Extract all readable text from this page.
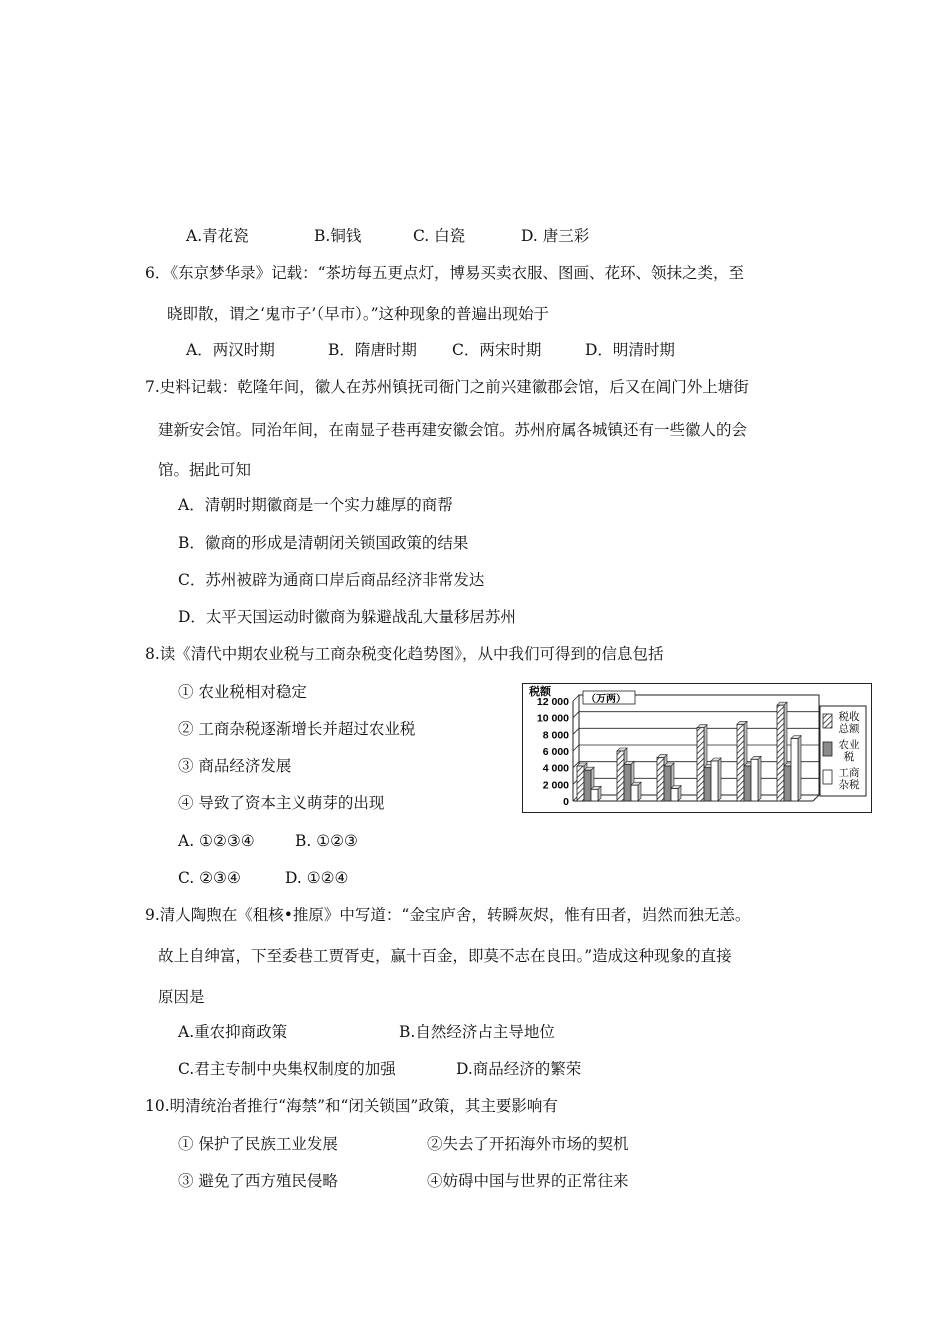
A.青花瓷	B.铜钱	C. 白瓷	D. 唐三彩
6．《东京梦华录》记载：“茶坊每五更点灯，博易买卖衣服、图画、花环、领抹之类，至
晓即散，谓之‘鬼市子’（早市）。”这种现象的普遍出现始于
A．两汉时期	B．隋唐时期 C．两宋时期	D．明清时期
7.史料记载：乾隆年间，徽人在苏州镇抚司衙门之前兴建徽郡会馆，后又在阊门外上塘街
建新安会馆。同治年间，在南显子巷再建安徽会馆。苏州府属各城镇还有一些徽人的会
馆。据此可知
A．清朝时期徽商是一个实力雄厚的商帮
B．徽商的形成是清朝闭关锁国政策的结果
C．苏州被辟为通商口岸后商品经济非常发达
D．太平天国运动时徽商为躲避战乱大量移居苏州
8.读《清代中期农业税与工商杂税变化趋势图》，从中我们可得到的信息包括
① 农业税相对稳定
② 工商杂税逐渐增长并超过农业税
③ 商品经济发展
④ 导致了资本主义萌芽的出现
A. ①②③④	B. ①②③
C. ②③④	D. ①②④
税额
（万两）
12 000
10 000
8 000
6 000
4 000
2 000
0
税收
总额
农业
税
工商
杂税
9.清人陶煦在《租核•推原》中写道：“金宝庐舍，转瞬灰烬，惟有田者，岿然而独无恙。
故上自绅富，下至委巷工贾胥吏，赢十百金，即莫不志在良田。”造成这种现象的直接
原因是
A.重农抑商政策	B.自然经济占主导地位
C.君主专制中央集权制度的加强	D.商品经济的繁荣
10.明清统治者推行“海禁”和“闭关锁国”政策，其主要影响有
① 保护了民族工业发展	②失去了开拓海外市场的契机
③ 避免了西方殖民侵略	④妨碍中国与世界的正常往来
